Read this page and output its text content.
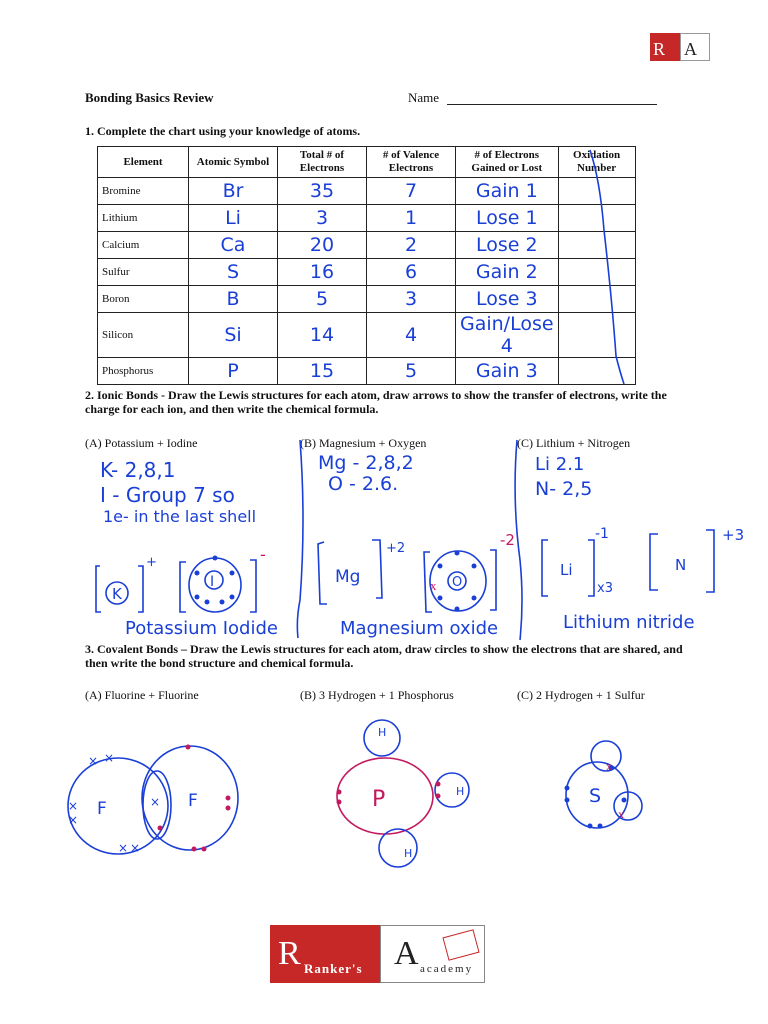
R A
Bonding Basics Review	Name
1. Complete the chart using your knowledge of atoms.
Element	Atomic Symbol	Total # of Electrons	# of Valence Electrons	# of Electrons Gained or Lost	Oxidation Number
Bromine	Br	35	7	Gain 1	
Lithium	Li	3	1	Lose 1	
Calcium	Ca	20	2	Lose 2	
Sulfur	S	16	6	Gain 2	
Boron	B	5	3	Lose 3	
Silicon	Si	14	4	Gain/Lose 4	
Phosphorus	P	15	5	Gain 3	
2. Ionic Bonds - Draw the Lewis structures for each atom, draw arrows to show the transfer of electrons, write the charge for each ion, and then write the chemical formula.
(A) Potassium + Iodine	(B) Magnesium + Oxygen	(C) Lithium + Nitrogen
K- 2,8,1
I - Group 7 so
1e- in the last shell
Mg - 2,8,2
O - 2.6.
Li 2.1
N- 2,5
Potassium Iodide	Magnesium oxide	Lithium nitride
3. Covalent Bonds – Draw the Lewis structures for each atom, draw circles to show the electrons that are shared, and then write the bond structure and chemical formula.
(A) Fluorine + Fluorine	(B) 3 Hydrogen + 1 Phosphorus	(C) 2 Hydrogen + 1 Sulfur
K
I
+	-
Mg	O
+2	-2
x
Li	N
-1	+3
x3
× ×
×
×
× ×
×
F	F	P
H
H
H
S
x
x
R Ranker's A academy
